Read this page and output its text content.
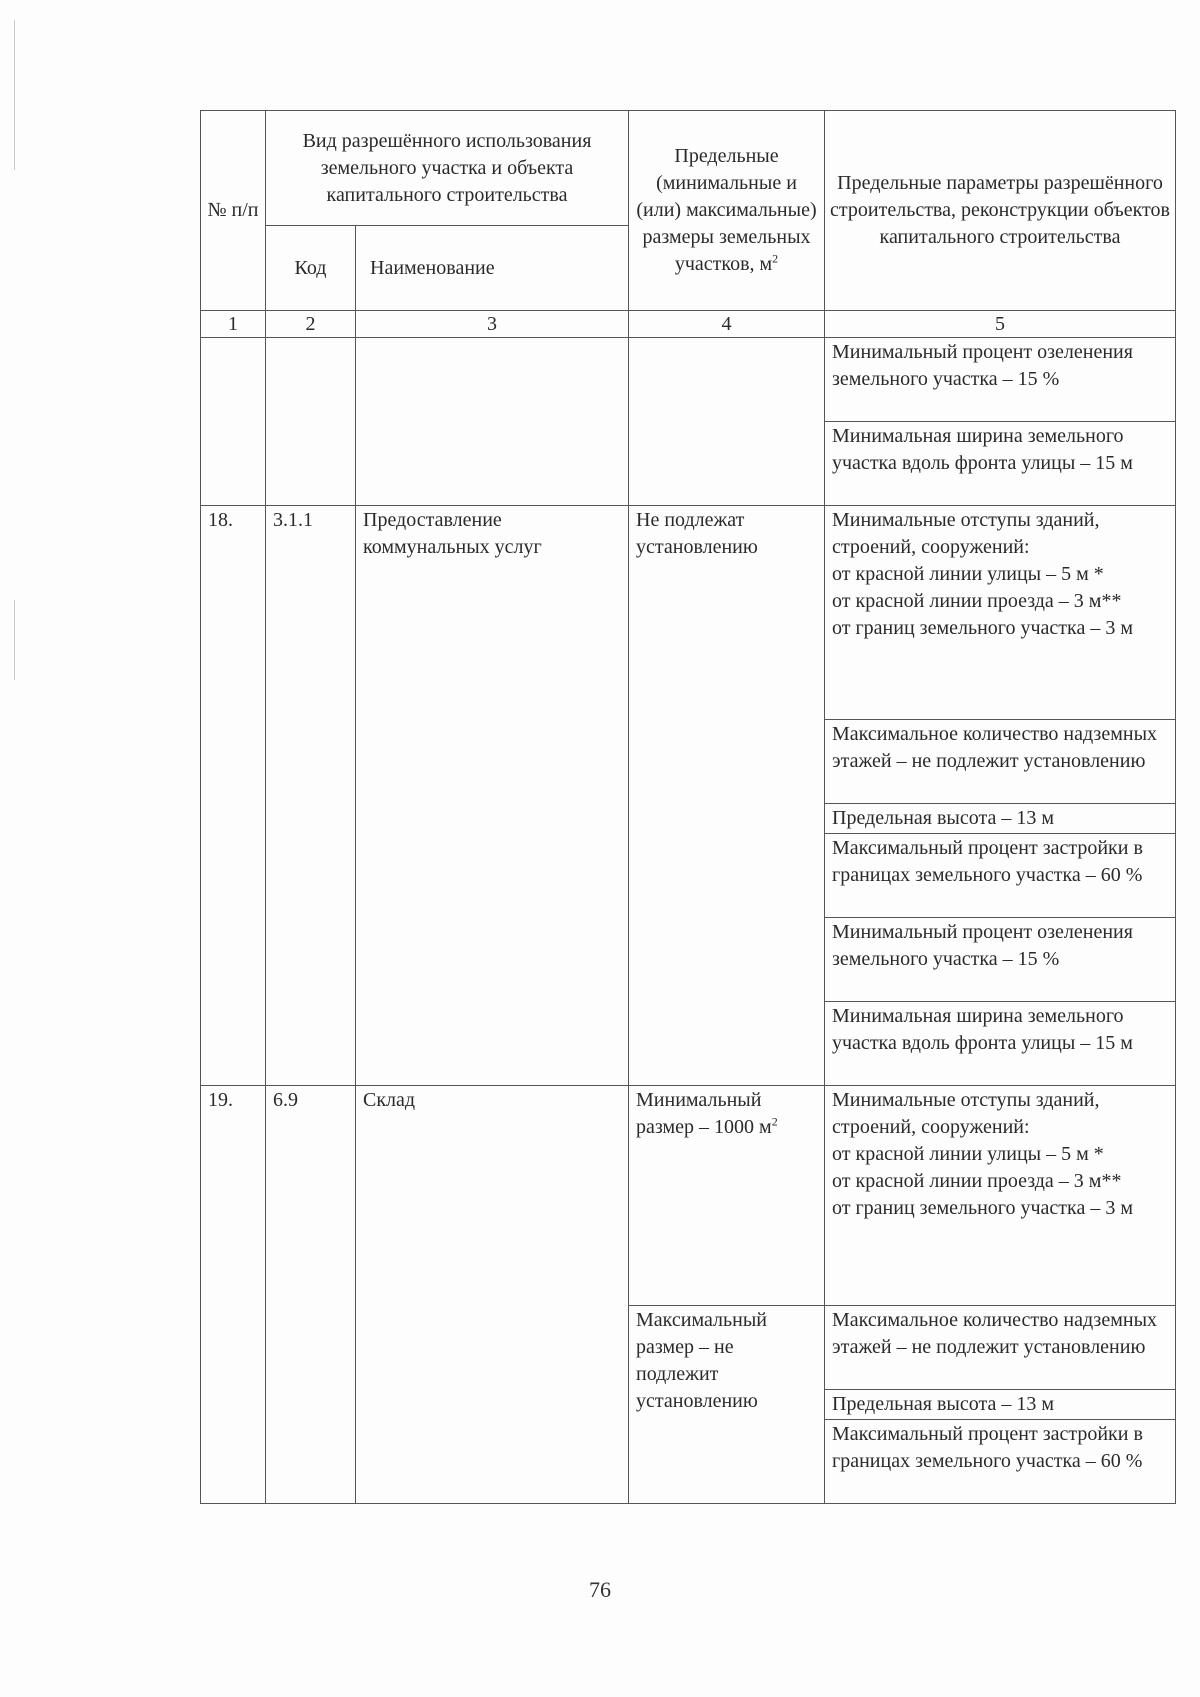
№ п/п	Вид разрешённого использования земельного участка и объекта капитального строительства		Предельные (минимальные и (или) максимальные) размеры земельных участков, $м^2$	Предельные параметры разрешённого строительства, реконструкции объектов капитального строительства
	Код	Наименование		
1	2	3	4	5
				Минимальный процент озеленения земельного участка – 15 %
				Минимальная ширина земельного участка вдоль фронта улицы – 15 м
18.	3.1.1	Предоставление коммунальных услуг	Не подлежат установлению	Минимальные отступы зданий, строений, сооружений:
от красной линии улицы – 5 м *
от красной линии проезда – 3 м**
от границ земельного участка – 3 м

				Максимальное количество надземных этажей – не подлежит установлению
				Предельная высота – 13 м
				Максимальный процент застройки в границах земельного участка – 60 %
				Минимальный процент озеленения земельного участка – 15 %
				Минимальная ширина земельного участка вдоль фронта улицы – 15 м
19.	6.9	Склад	Минимальный размер – 1000 $м^2$	Минимальные отступы зданий, строений, сооружений:
от красной линии улицы – 5 м *
от красной линии проезда – 3 м**
от границ земельного участка – 3 м

			Максимальный размер – не подлежит установлению	Максимальное количество надземных этажей – не подлежит установлению
				Предельная высота – 13 м
				Максимальный процент застройки в границах земельного участка – 60 %
76
